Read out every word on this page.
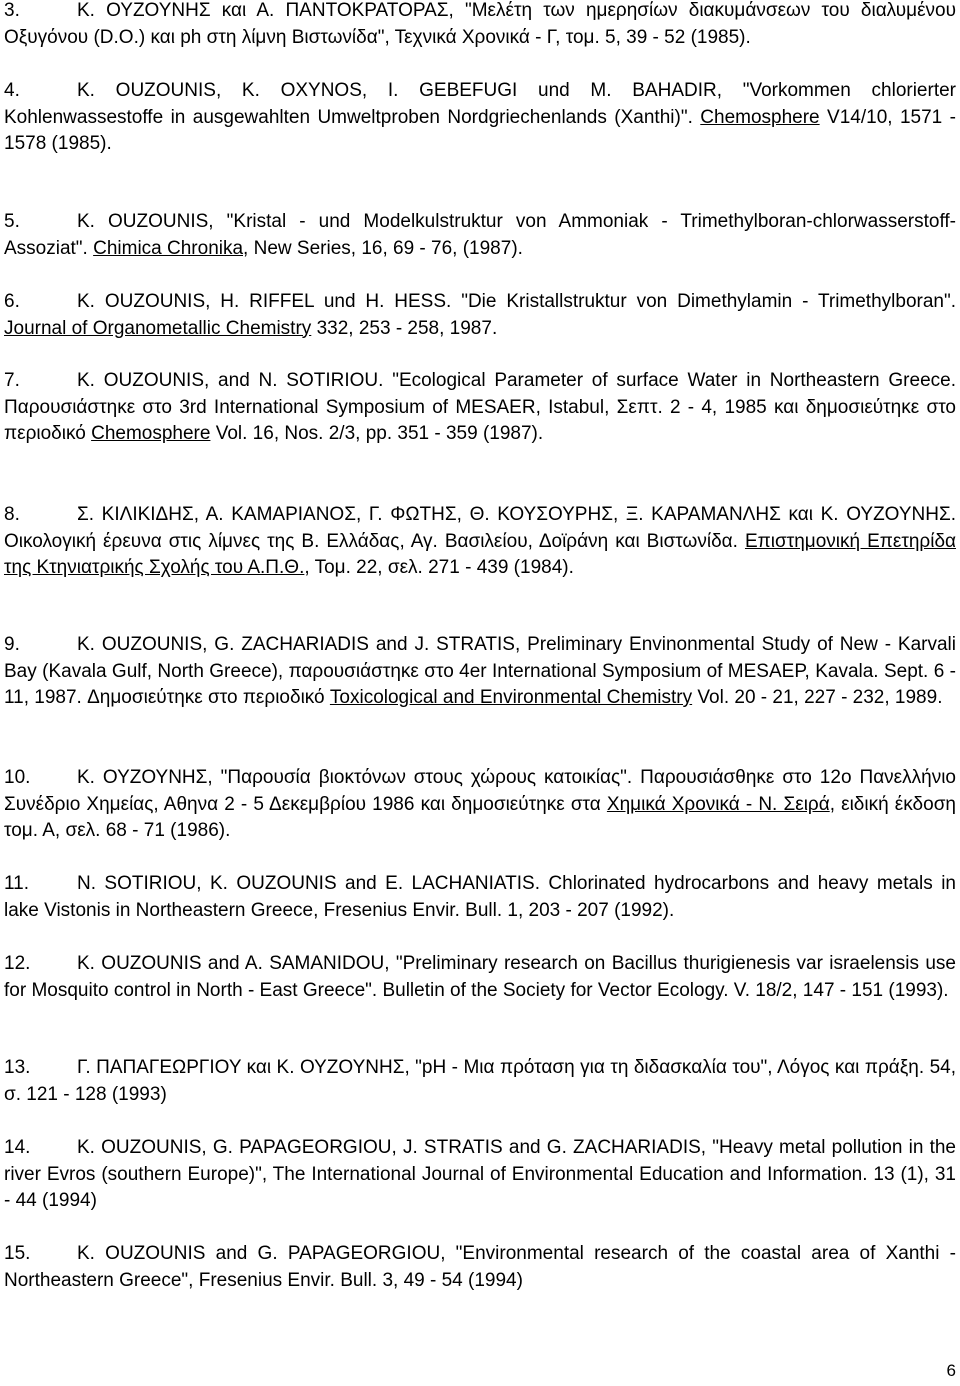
3.	Κ. ΟΥΖΟΥΝΗΣ και Α. ΠΑΝΤΟΚΡΑΤΟΡΑΣ, "Μελέτη των ημερησίων διακυμάνσεων του διαλυμένου Οξυγόνου (D.O.) και ph στη λίμνη Βιστωνίδα", Τεχνικά Χρονικά - Γ, τομ. 5, 39 - 52 (1985).

4.	K. OUZOUNIS, K. OXYNOS, I. GEBEFUGI und M. BAHADIR, "Vorkommen chlorierter Kohlenwassestoffe in ausgewahlten Umweltproben Nordgriechenlands (Xanthi)". Chemosphere V14/10, 1571 - 1578 (1985).

5.	K. OUZOUNIS, "Kristal - und Modelkulstruktur von Ammoniak - Trimethylboran-chlorwasserstoff-Assoziat". Chimica Chronika, New Series, 16, 69 - 76, (1987).

6.	K. OUZOUNIS, H. RIFFEL und H. HESS. "Die Kristallstruktur von Dimethylamin - Trimethylboran". Journal of Organometallic Chemistry 332, 253 - 258, 1987.

7.	K. OUZOUNIS, and N. SOTIRIOU. "Ecological Parameter of surface Water in Northeastern Greece. Παρουσιάστηκε στο 3rd International Symposium of MESAER, Istabul, Σεπτ. 2 - 4, 1985 και δημοσιεύτηκε στο περιοδικό Chemosphere Vol. 16, Nos. 2/3, pp. 351 - 359 (1987).

8.	Σ. ΚΙΛΙΚΙΔΗΣ, Α. ΚΑΜΑΡΙΑΝΟΣ, Γ. ΦΩΤΗΣ, Θ. ΚΟΥΣΟΥΡΗΣ, Ξ. ΚΑΡΑΜΑΝΛΗΣ και Κ. ΟΥΖΟΥΝΗΣ. Οικολογική έρευνα στις λίμνες της Β. Ελλάδας, Αγ. Βασιλείου, Δοϊράνη και Βιστωνίδα. Επιστημονική Επετηρίδα της Κτηνιατρικής Σχολής του Α.Π.Θ., Τομ. 22, σελ. 271 - 439 (1984).

9.	K. OUZOUNIS, G. ZACHARIADIS and J. STRATIS, Preliminary Envinonmental Study of New - Karvali Bay (Kavala Gulf, North Greece), παρουσιάστηκε στο 4er International Symposium of MESAEP, Kavala. Sept. 6 - 11, 1987. Δημοσιεύτηκε στο περιοδικό Toxicological and Environmental Chemistry Vol. 20 - 21, 227 - 232, 1989.

10. Κ. ΟΥΖΟΥΝΗΣ, "Παρουσία βιοκτόνων στους χώρους κατοικίας". Παρουσιάσθηκε στο 12ο Πανελλήνιο Συνέδριο Χημείας, Αθηνα 2 - 5 Δεκεμβρίου 1986 και δημοσιεύτηκε στα Χημικά Χρονικά - Ν. Σειρά, ειδική έκδοση τομ. Α, σελ. 68 - 71 (1986).

11.	N. SOTIRIOU, K. OUZOUNIS and E. LACHANIATIS. Chlorinated hydrocarbons and heavy metals in lake Vistonis in Northeastern Greece, Fresenius Envir. Bull. 1, 203 - 207 (1992).

12. K. OUZOUNIS and A. SAMANIDOU, "Preliminary research on Bacillus thurigienesis var israelensis use for Mosquito control in North - East Greece". Bulletin of the Society for Vector Ecology. V. 18/2, 147 - 151 (1993).

13. Γ. ΠΑΠΑΓΕΩΡΓΙΟΥ και Κ. ΟΥΖΟΥΝΗΣ, "pH - Μια πρόταση για τη διδασκαλία του", Λόγος και πράξη. 54, σ. 121 - 128 (1993)

14. K. OUZOUNIS, G. PAPAGEORGIOU, J. STRATIS and G. ZACHARIADIS, "Heavy metal pollution in the river Evros (southern Europe)", The International Journal of Environmental Education and Information. 13 (1), 31 - 44 (1994)

15. K. OUZOUNIS and G. PAPAGEORGIOU, "Environmental research of the coastal area of Xanthi - Northeastern Greece", Fresenius Envir. Bull. 3, 49 - 54 (1994)

6
